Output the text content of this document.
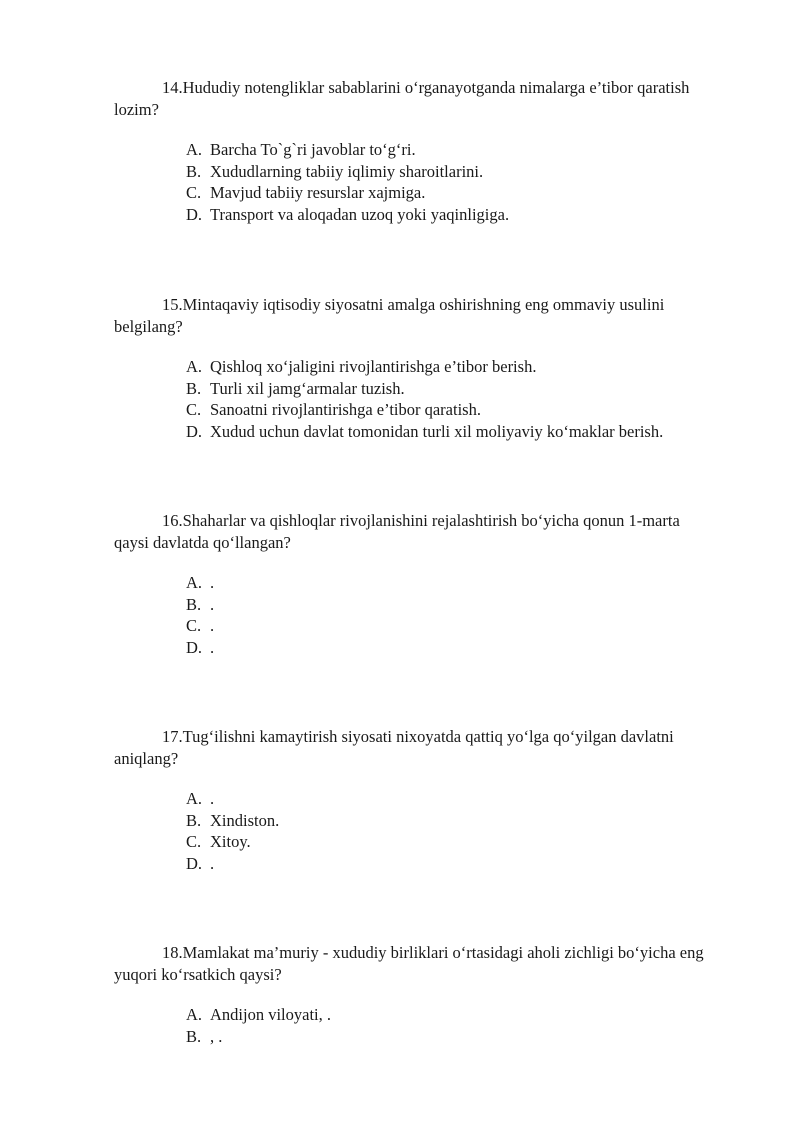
14.Hududiy notengliklar sabablarini o‘rganayotganda nimalarga e’tibor qaratish lozim?

A. Barcha To`g`ri javoblar to‘g‘ri.
B. Xududlarning tabiiy iqlimiy sharoitlarini.
C. Mavjud tabiiy resurslar xajmiga.
D. Transport va aloqadan uzoq yoki yaqinligiga.

15.Mintaqaviy iqtisodiy siyosatni amalga oshirishning eng ommaviy usulini belgilang?

A. Qishloq xo‘jaligini rivojlantirishga e’tibor berish.
B. Turli xil jamg‘armalar tuzish.
C. Sanoatni rivojlantirishga e’tibor qaratish.
D. Xudud uchun davlat tomonidan turli xil moliyaviy ko‘maklar berish.

16.Shaharlar va qishloqlar rivojlanishini rejalashtirish bo‘yicha qonun 1-marta qaysi davlatda qo‘llangan?

A. .
B. .
C. .
D. .

17.Tug‘ilishni kamaytirish siyosati nixoyatda qattiq yo‘lga qo‘yilgan davlatni aniqlang?

A. .
B. Xindiston.
C. Xitoy.
D. .

18.Mamlakat ma’muriy - xududiy birliklari o‘rtasidagi aholi zichligi bo‘yicha eng yuqori ko‘rsatkich qaysi?

A. Andijon viloyati, .
B. , .
